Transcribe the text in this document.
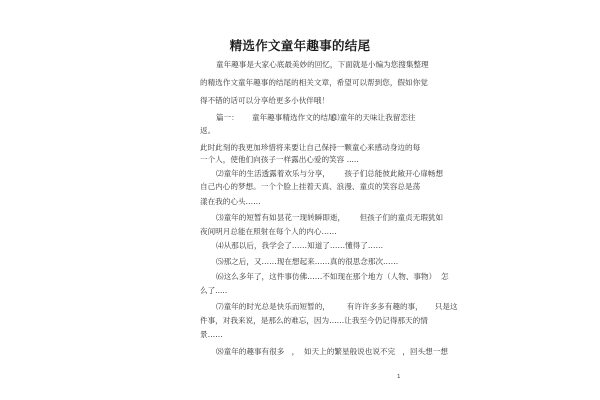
精选作文童年趣事的结尾
童年趣事是大家心底最美妙的回忆，下面就是小编为您搜集整理
的精选作文童年趣事的结尾的相关文章，希望可以帮到您，假如你觉
得不错的话可以分享给更多小伙伴哦！
篇一： 童年趣事精选作文的结尾
⑴童年的天味让我留恋往
返。
此时此刻的我更加珍惜将来要让自己保持一颗童心来感动身边的每
一个人，使他们向孩子一样露出心爱的笑容 .....
⑵童年的生活透露着欢乐与分享，      孩子们总能彼此敞开心扉畅想
自己内心的梦想。一个个脸上挂着天真、浪漫、童贞的笑容总是荡
漾在我的心头……
⑶童年的短暂有如昙花一现转瞬即逝，      但孩子们的童贞无瑕犹如
夜间明月总能在照射在每个人的内心……
⑷从那以后，我学会了……知道了……懂得了……
⑸那之后，又……现在想起来……真的很思念那次……
⑹这么多年了，这件事仿佛……不如现在那个地方（人物、事物）  怎
么了.....
⑺童年的时光总是快乐而短暂的，       有许许多多有趣的事，     只是这
件事，对我来说，是那么的难忘，因为……让我至今仍记得那天的情
景……
⑻童年的趣事有很多   ，  如天上的繁星般说也说不完   ，回头想一想
1
